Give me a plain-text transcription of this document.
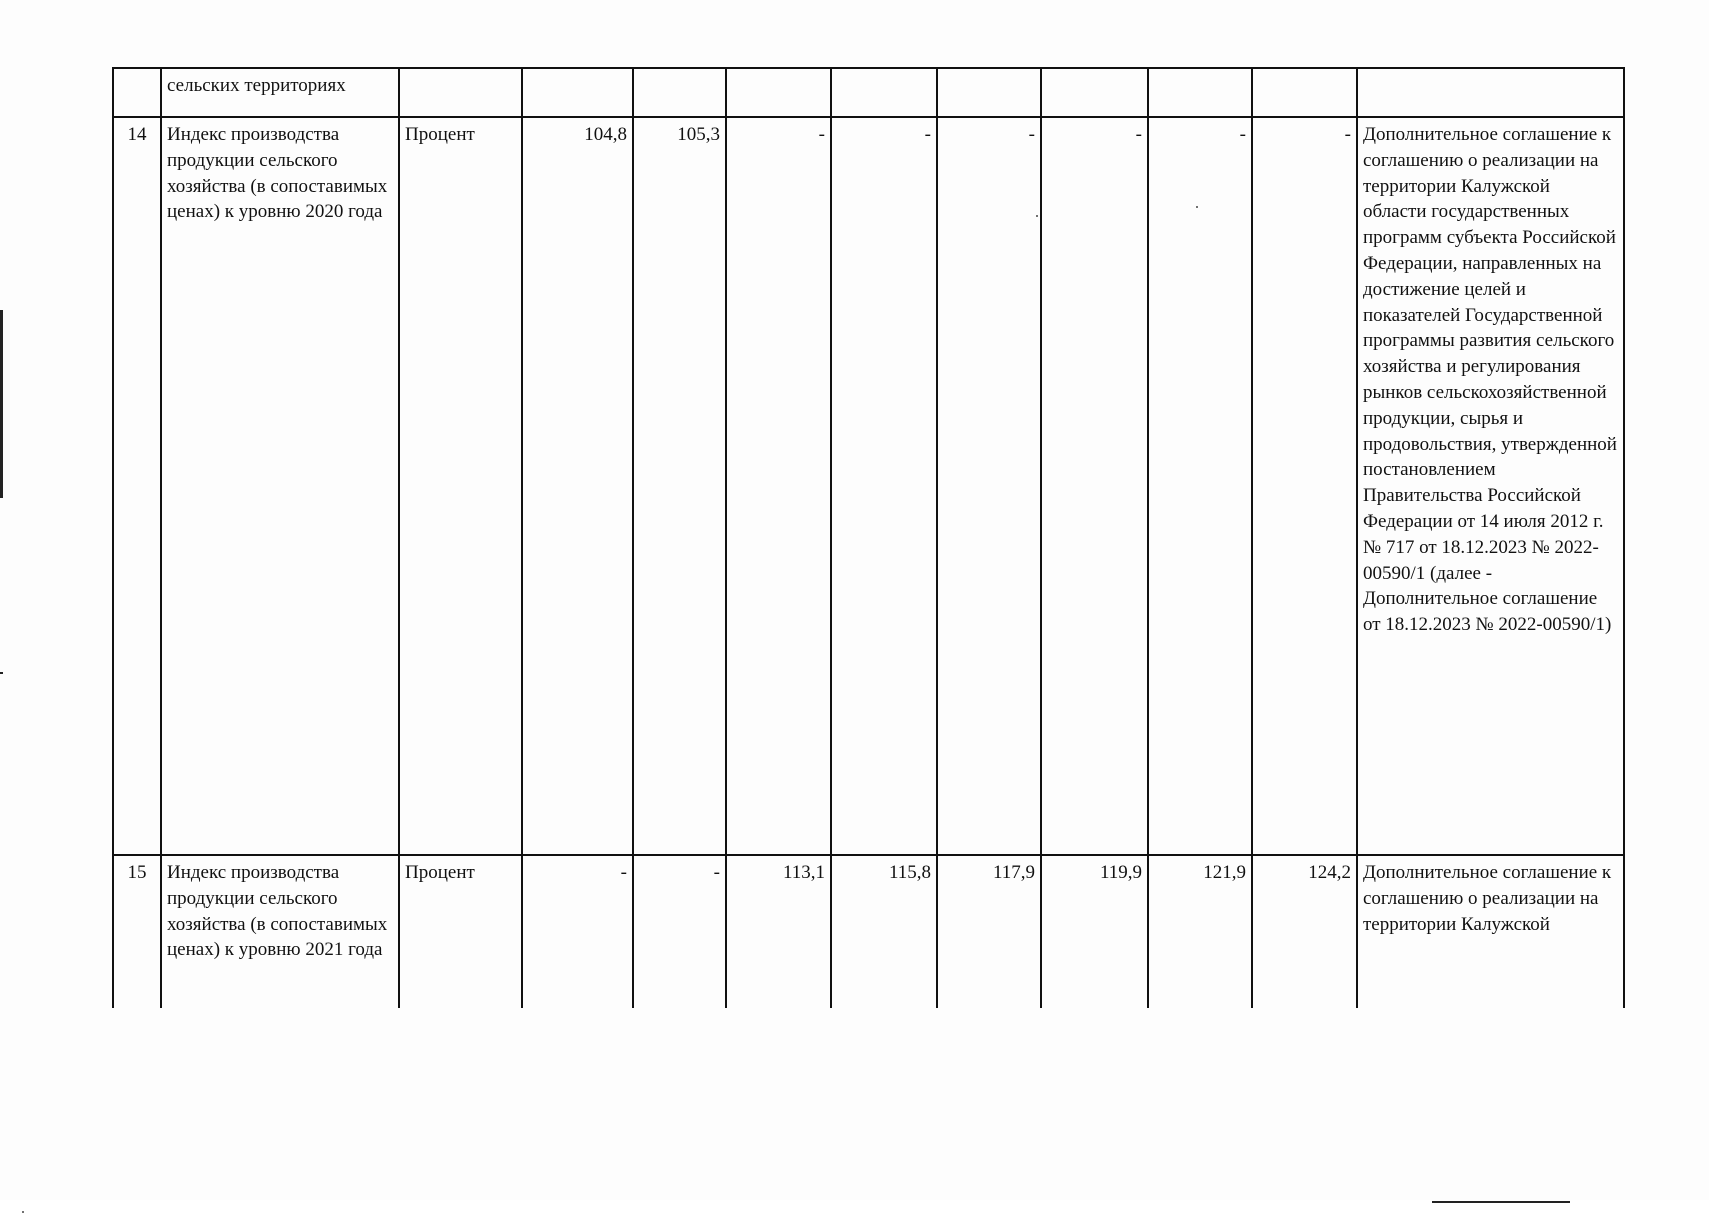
	сельских территориях										
14	Индекс производства продукции сельского хозяйства (в сопоставимых ценах) к уровню 2020 года	Процент	104,8	105,3	-	-	-	-	-	-	Дополнительное соглашение к соглашению о реализации на территории Калужской области государственных программ субъекта Российской Федерации, направленных на достижение целей и показателей Государственной программы развития сельского хозяйства и регулирования рынков сельскохозяйственной продукции, сырья и продовольствия, утвержденной постановлением Правительства Российской Федерации от 14 июля 2012 г. № 717 от 18.12.2023 № 2022-00590/1 (далее - Дополнительное соглашение от 18.12.2023 № 2022-00590/1)
15	Индекс производства продукции сельского хозяйства (в сопоставимых ценах) к уровню 2021 года	Процент	-	-	113,1	115,8	117,9	119,9	121,9	124,2	Дополнительное соглашение к соглашению о реализации на территории Калужской
